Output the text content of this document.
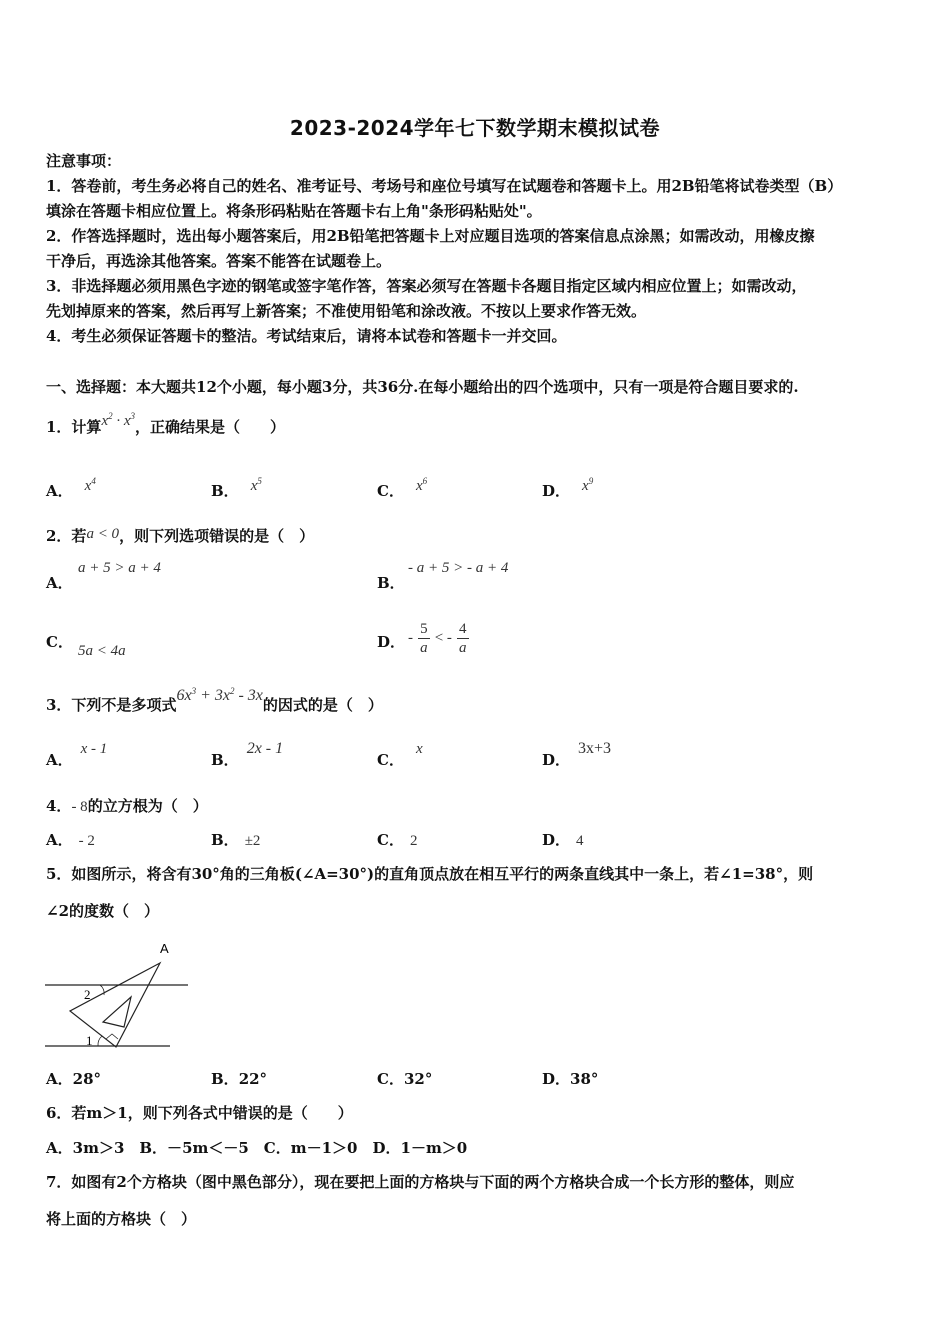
2023-2024学年七下数学期末模拟试卷
注意事项：
1．答卷前，考生务必将自己的姓名、准考证号、考场号和座位号填写在试题卷和答题卡上。用2B铅笔将试卷类型（B）
填涂在答题卡相应位置上。将条形码粘贴在答题卡右上角"条形码粘贴处"。
2．作答选择题时，选出每小题答案后，用2B铅笔把答题卡上对应题目选项的答案信息点涂黑；如需改动，用橡皮擦
干净后，再选涂其他答案。答案不能答在试题卷上。
3．非选择题必须用黑色字迹的钢笔或签字笔作答，答案必须写在答题卡各题目指定区域内相应位置上；如需改动，
先划掉原来的答案，然后再写上新答案；不准使用铅笔和涂改液。不按以上要求作答无效。
4．考生必须保证答题卡的整洁。考试结束后，请将本试卷和答题卡一并交回。
一、选择题：本大题共12个小题，每小题3分，共36分.在每小题给出的四个选项中，只有一项是符合题目要求的.
1．计算$x^2 \cdot x^3$，正确结果是（　　）
A． $x^4$
B． $x^5$
C． $x^6$
D． $x^9$
2．若a < 0，则下列选项错误的是（　）
A．
a + 5 > a + 4
B．
- a + 5 > - a + 4
C． 5a < 4a	D． - $\frac{5}{a}$ < - $\frac{4}{a}$
3．下列不是多项式$6x^3 + 3x^2 - 3x$的因式的是（　）
A．x - 1
B．2x - 1
C．x
D．3x+3
4．- 8的立方根为（　）
A． - 2	B． ±2	C． 2	D． 4
5．如图所示，将含有30°角的三角板(∠A=30°)的直角顶点放在相互平行的两条直线其中一条上，若∠1=38°，则
∠2的度数（　）
A
2
1
A．28°	B．22°	C．32°	D．38°
6．若m＞1，则下列各式中错误的是（　　）
A．3m＞3　B．－5m＜－5　C．m－1＞0　D．1－m＞0
7．如图有2个方格块（图中黑色部分），现在要把上面的方格块与下面的两个方格块合成一个长方形的整体，则应
将上面的方格块（　）
